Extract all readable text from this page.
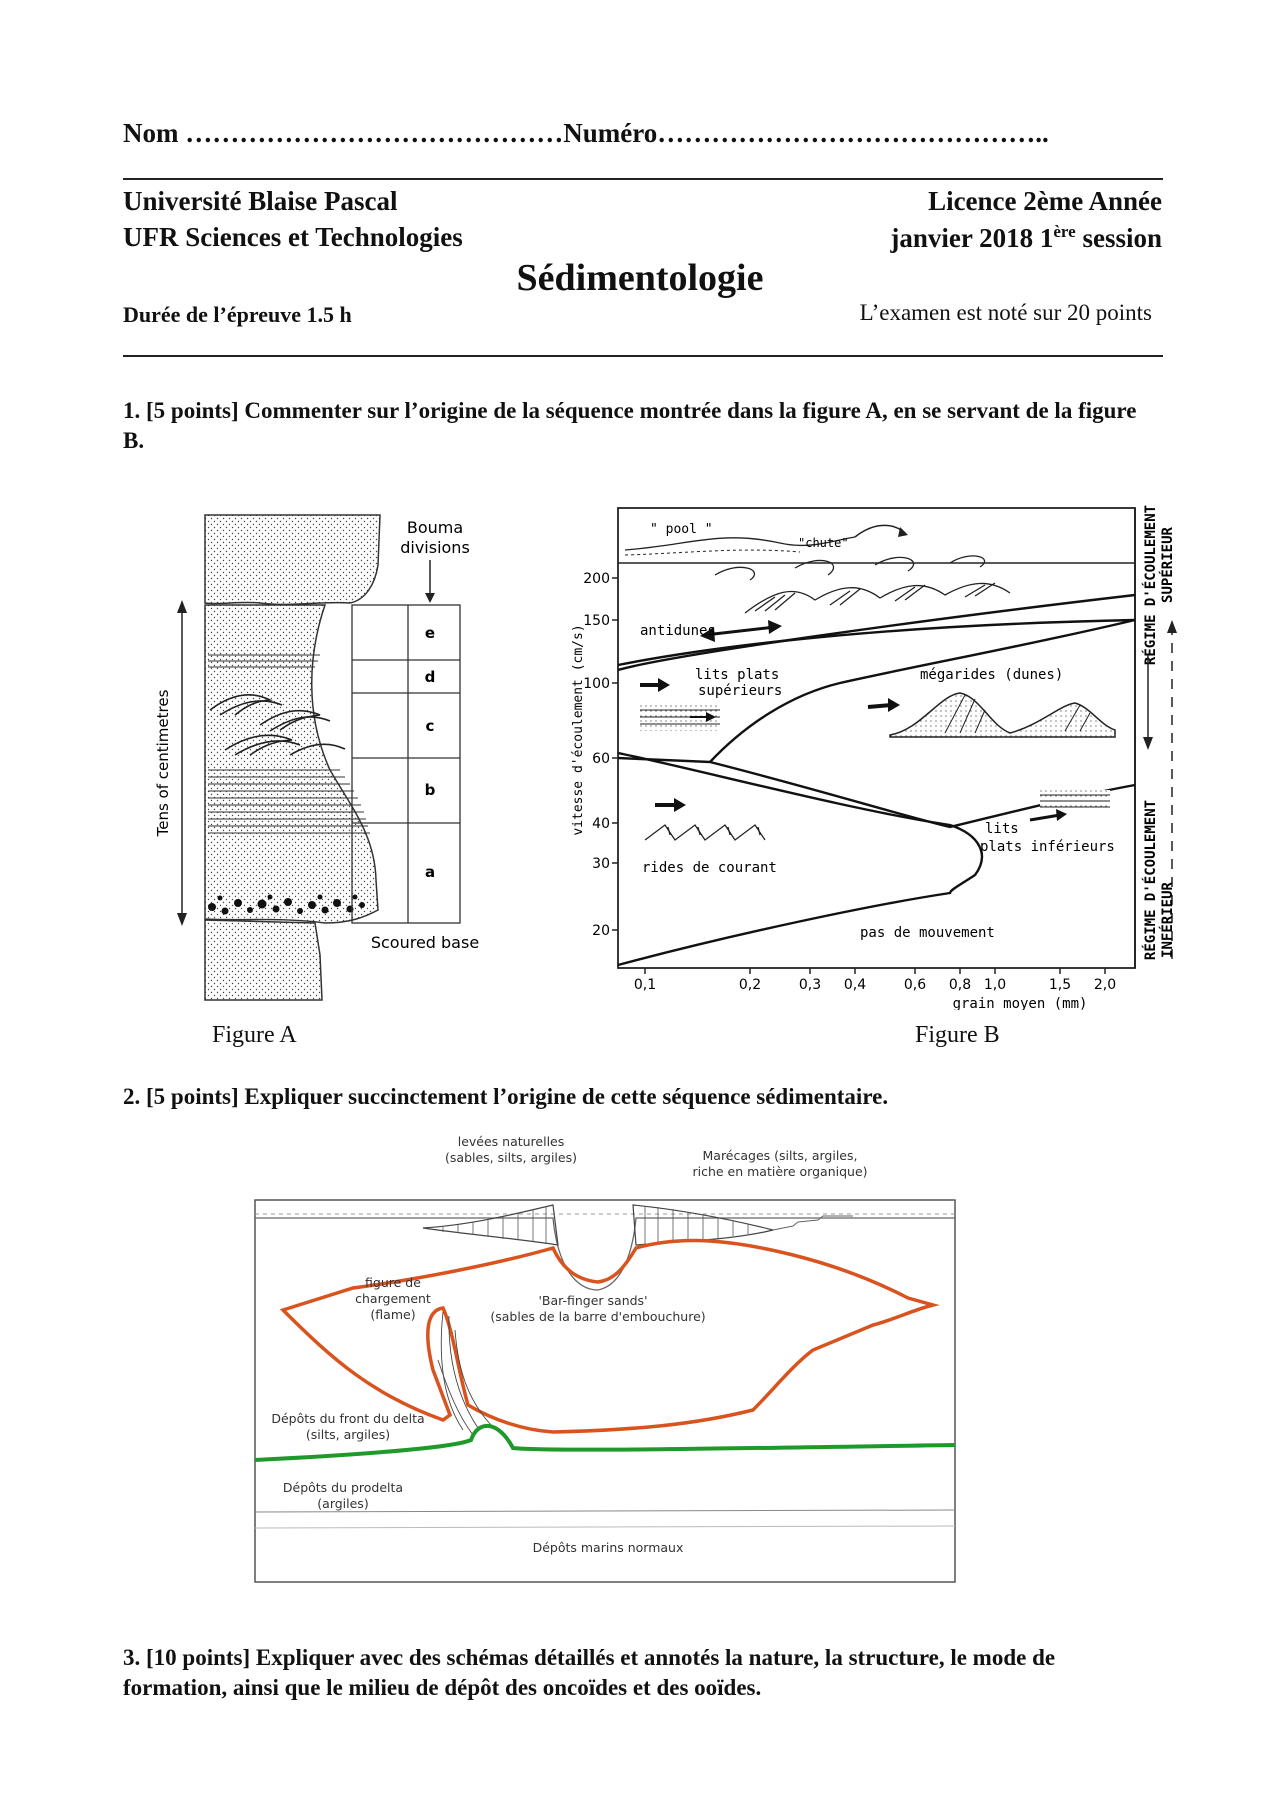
Nom ……………………………………Numéro……………………………………..
Université Blaise Pascal
UFR Sciences et Technologies
Licence 2ème Année
janvier 2018 1ère session
Sédimentologie
Durée de l’épreuve 1.5 h	L’examen est noté sur 20 points
1. [5 points] Commenter sur l’origine de la séquence montrée dans la figure A, en se servant de la figure B.
e
d
c
b
a
Bouma
divisions
Scoured base
Tens of centimetres
Figure A
200
150
100
60
40
30
20
0,1	0,2	0,3 0,4	0,6 0,8 1,0	1,5 2,0
grain moyen (mm)
vitesse d'écoulement (cm/s)
" pool "
"chute"
antidunes
lits plats
supérieurs
mégarides (dunes)
lits
plats inférieurs
rides de courant
pas de mouvement
RÉGIME D'ÉCOULEMENT SUPÉRIEUR
RÉGIME D'ÉCOULEMENT INFÉRIEUR
Figure B
2. [5 points] Expliquer succinctement l’origine de cette séquence sédimentaire.
levées naturelles
(sables, silts, argiles)	Marécages (silts, argiles,
riche en matière organique)
figure de
chargement
(flame)
'Bar-finger sands'
(sables de la barre d'embouchure)
Dépôts du front du delta
(silts, argiles)
Dépôts du prodelta
(argiles)
Dépôts marins normaux
3. [10 points] Expliquer avec des schémas détaillés et annotés la nature, la structure, le mode de formation, ainsi que le milieu de dépôt des oncoïdes et des ooïdes.
